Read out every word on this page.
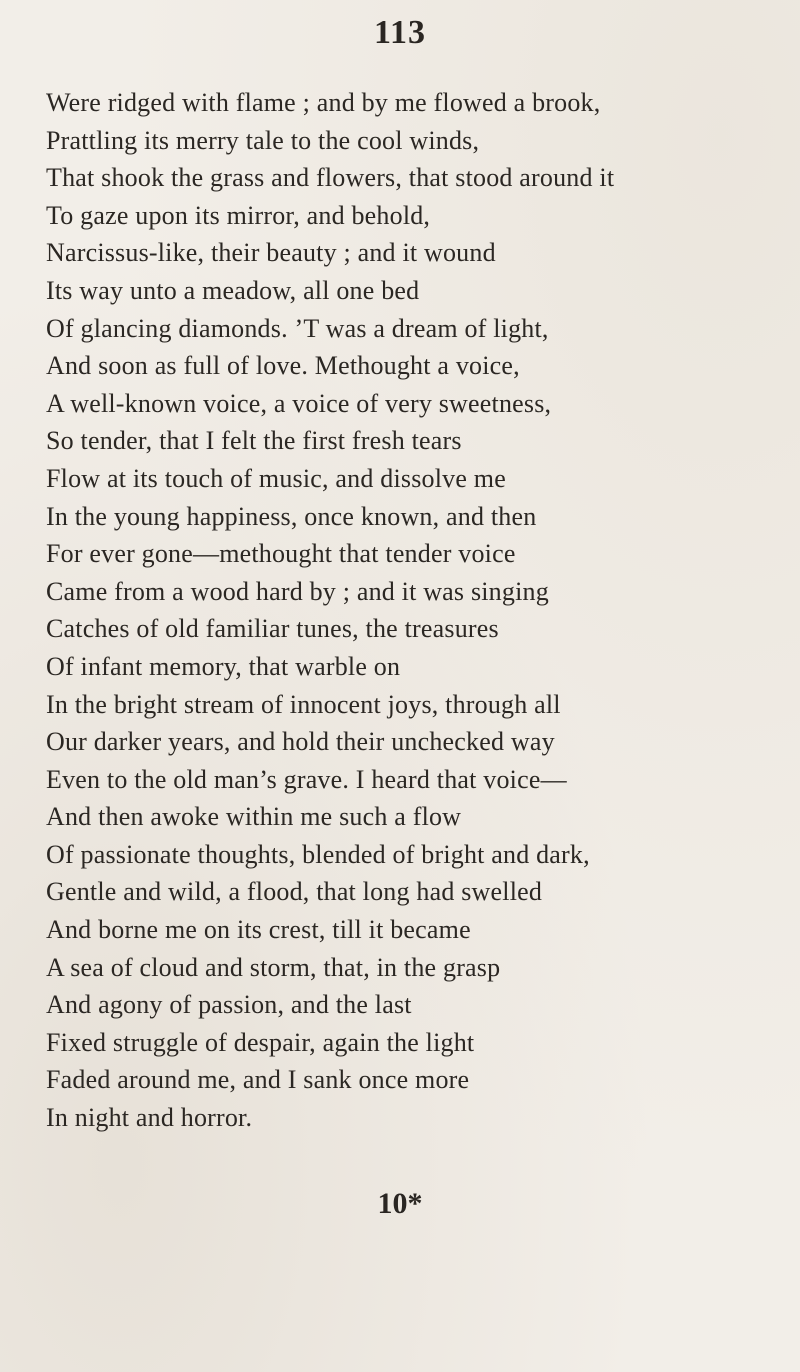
113
Were ridged with flame ; and by me flowed a brook,
Prattling its merry tale to the cool winds,
That shook the grass and flowers, that stood around it
To gaze upon its mirror, and behold,
Narcissus-like, their beauty ; and it wound
Its way unto a meadow, all one bed
Of glancing diamonds. ’T was a dream of light,
And soon as full of love. Methought a voice,
A well-known voice, a voice of very sweetness,
So tender, that I felt the first fresh tears
Flow at its touch of music, and dissolve me
In the young happiness, once known, and then
For ever gone—methought that tender voice
Came from a wood hard by ; and it was singing
Catches of old familiar tunes, the treasures
Of infant memory, that warble on
In the bright stream of innocent joys, through all
Our darker years, and hold their unchecked way
Even to the old man’s grave. I heard that voice—
And then awoke within me such a flow
Of passionate thoughts, blended of bright and dark,
Gentle and wild, a flood, that long had swelled
And borne me on its crest, till it became
A sea of cloud and storm, that, in the grasp
And agony of passion, and the last
Fixed struggle of despair, again the light
Faded around me, and I sank once more
In night and horror.
10*
